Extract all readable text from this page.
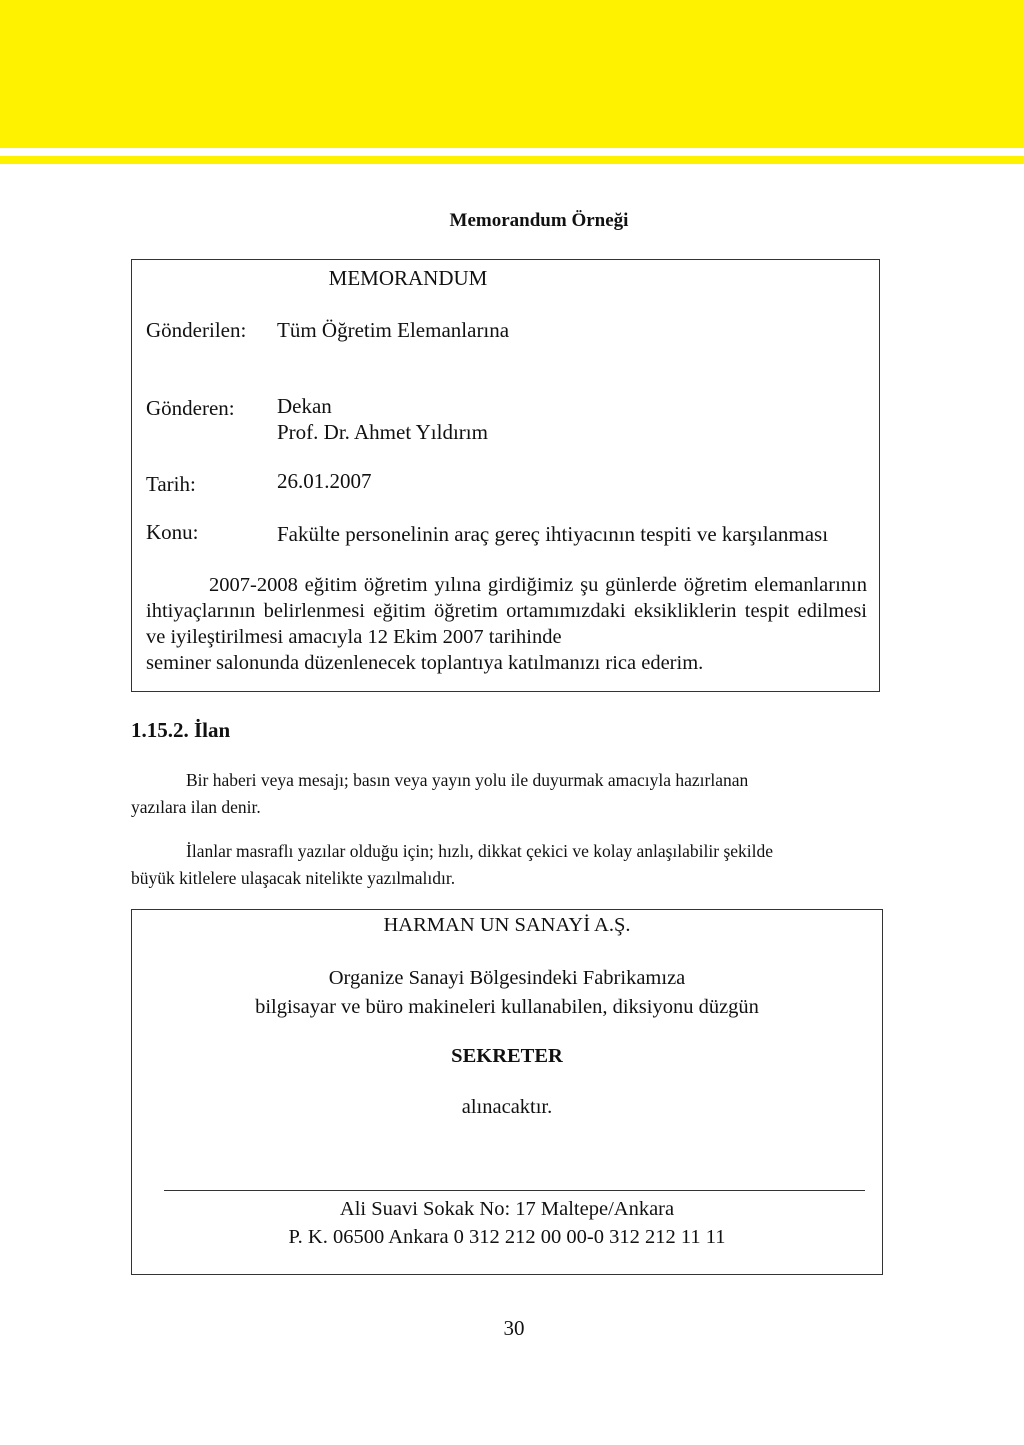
Memorandum Örneği
MEMORANDUM
Gönderilen: Tüm Öğretim Elemanlarına
Gönderen: Dekan
Prof. Dr. Ahmet Yıldırım
Tarih:	26.01.2007
Konu:	Fakülte personelinin araç gereç ihtiyacının tespiti ve karşılanması

2007-2008 eğitim öğretim yılına girdiğimiz şu günlerde öğretim elemanlarının ihtiyaçlarının belirlenmesi eğitim öğretim ortamımızdaki eksikliklerin tespit edilmesi ve iyileştirilmesi amacıyla 12 Ekim 2007 tarihinde

seminer salonunda düzenlenecek toplantıya katılmanızı rica ederim.

1.15.2. İlan
Bir haberi veya mesajı; basın veya yayın yolu ile duyurmak amacıyla hazırlanan
yazılara ilan denir.
İlanlar masraflı yazılar olduğu için; hızlı, dikkat çekici ve kolay anlaşılabilir şekilde
büyük kitlelere ulaşacak nitelikte yazılmalıdır.
HARMAN UN SANAYİ A.Ş.
Organize Sanayi Bölgesindeki Fabrikamıza
bilgisayar ve büro makineleri kullanabilen, diksiyonu düzgün
SEKRETER
alınacaktır.
Ali Suavi Sokak No: 17 Maltepe/Ankara
P. K. 06500 Ankara 0 312 212 00 00-0 312 212 11 11
30
